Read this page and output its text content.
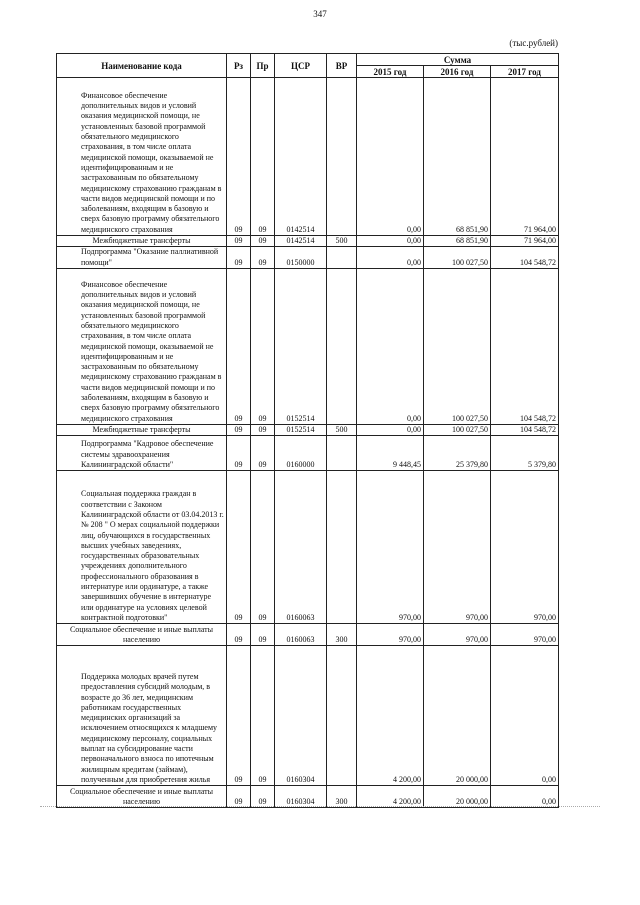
347
(тыс.рублей)
Наименование кода	Рз	Пр	ЦСР	ВР	Сумма		
					2015 год	2016 год	2017 год

Финансовое обеспечение дополнительных видов и условий оказания медицинской помощи, не установленных базовой программой обязательного медицинского страхования, в том числе оплата медицинской помощи, оказываемой не идентифицированным и не застрахованным по обязательному медицинскому страхованию гражданам в части видов медицинской помощи и по заболеваниям, входящим в базовую и сверх базовую программу обязательного медицинского страхования	09	09	0142514		0,00	68 851,90	71 964,00

Межбюджетные трансферты	09	09	0142514	500	0,00	68 851,90	71 964,00

Подпрограмма "Оказание паллиативной помощи"	09	09	0150000		0,00	100 027,50	104 548,72

Финансовое обеспечение дополнительных видов и условий оказания медицинской помощи, не установленных базовой программой обязательного медицинского страхования, в том числе оплата медицинской помощи, оказываемой не идентифицированным и не застрахованным по обязательному медицинскому страхованию гражданам в части видов медицинской помощи и по заболеваниям, входящим в базовую и сверх базовую программу обязательного медицинского страхования	09	09	0152514		0,00	100 027,50	104 548,72

Межбюджетные трансферты	09	09	0152514	500	0,00	100 027,50	104 548,72

Подпрограмма "Кадровое обеспечение системы здравоохранения Калининградской области"	09	09	0160000		9 448,45	25 379,80	5 379,80

Социальная поддержка граждан в соответствии с Законом Калининградской области от 03.04.2013 г. № 208 " О мерах социальной поддержки лиц, обучающихся в государственных высших учебных заведениях, государственных образовательных учреждениях дополнительного профессионального образования в интернатуре или ординатуре, а также завершивших обучение в интернатуре или ординатуре на условиях целевой контрактной подготовки"	09	09	0160063		970,00	970,00	970,00

Социальное обеспечение и иные выплаты населению	09	09	0160063	300	970,00	970,00	970,00

Поддержка молодых врачей путем предоставления субсидий молодым, в возрасте до 36 лет, медицинским работникам государственных медицинских организаций за исключением относящихся к младшему медицинскому персоналу, социальных выплат на субсидирование части первоначального взноса по ипотечным жилищным кредитам (займам), полученным для приобретения жилья	09	09	0160304		4 200,00	20 000,00	0,00

Социальное обеспечение и иные выплаты населению	09	09	0160304	300	4 200,00	20 000,00	0,00
